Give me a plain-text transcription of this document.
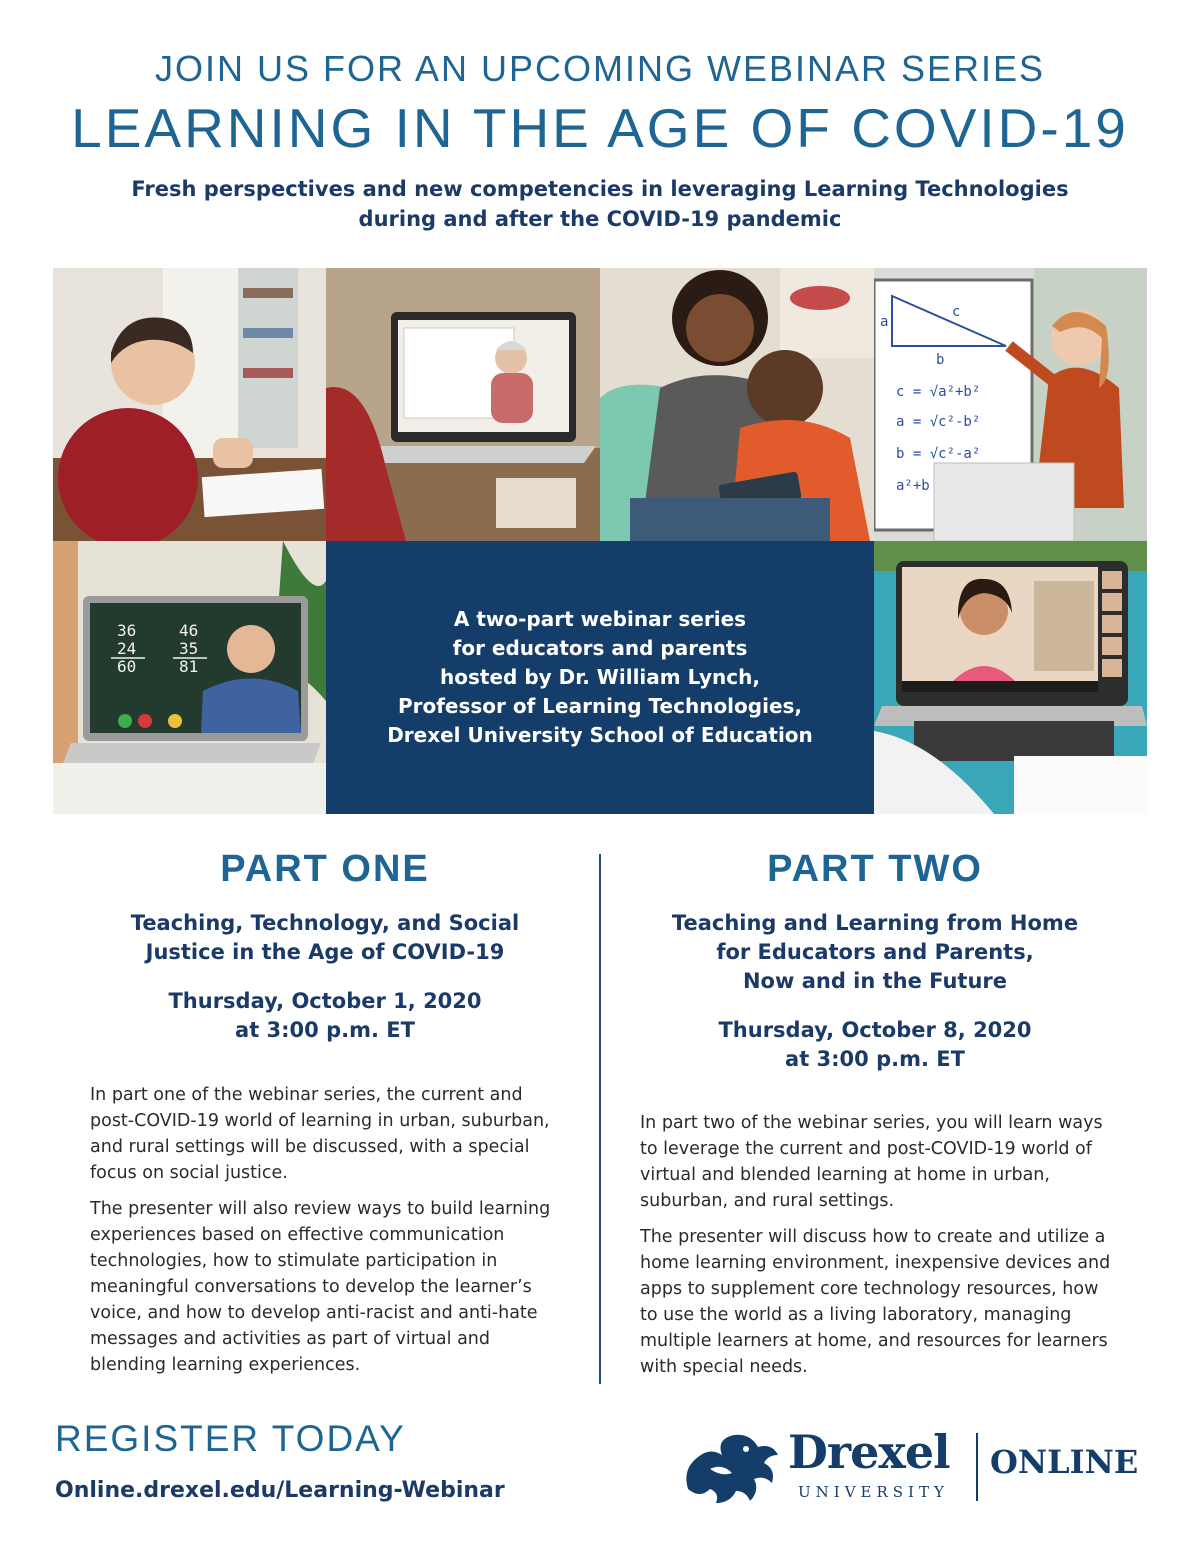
JOIN US FOR AN UPCOMING WEBINAR SERIES
LEARNING IN THE AGE OF COVID-19
Fresh perspectives and new competencies in leveraging Learning Technologies during and after the COVID-19 pandemic
a
c
b
c = √a²+b²
a = √c²-b²
b = √c²-a²
a²+b
36
24
60
46
35
81
A two-part webinar series
for educators and parents
hosted by Dr. William Lynch,
Professor of Learning Technologies,
Drexel University School of Education
PART ONE
Teaching, Technology, and Social
Justice in the Age of COVID-19
Thursday, October 1, 2020
at 3:00 p.m. ET

In part one of the webinar series, the current and post-COVID-19 world of learning in urban, suburban, and rural settings will be discussed, with a special focus on social justice.

The presenter will also review ways to build learning experiences based on effective communication technologies, how to stimulate participation in meaningful conversations to develop the learner’s voice, and how to develop anti-racist and anti-hate messages and activities as part of virtual and blending learning experiences.

PART TWO
Teaching and Learning from Home
for Educators and Parents,
Now and in the Future
Thursday, October 8, 2020
at 3:00 p.m. ET

In part two of the webinar series, you will learn ways to leverage the current and post-COVID-19 world of virtual and blended learning at home in urban, suburban, and rural settings.

The presenter will discuss how to create and utilize a home learning environment, inexpensive devices and apps to supplement core technology resources, how to use the world as a living laboratory, managing multiple learners at home, and resources for learners with special needs.

REGISTER TODAY
Online.drexel.edu/Learning-Webinar
Drexel
UNIVERSITY
ONLINE
